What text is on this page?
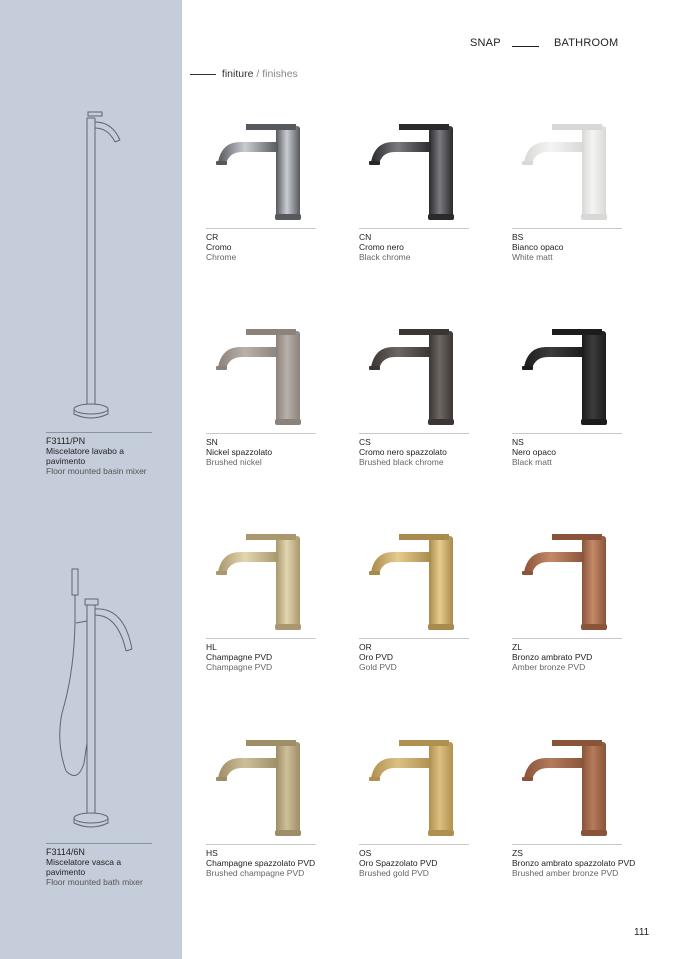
F3111/PN
Miscelatore lavabo a pavimento
Floor mounted basin mixer
F3114/6N
Miscelatore vasca a pavimento
Floor mounted bath mixer
SNAP	BATHROOM
finiture / finishes
CR
Cromo
Chrome
CN
Cromo nero
Black chrome
BS
Bianco opaco
White matt
SN
Nickel spazzolato
Brushed nickel
CS
Cromo nero spazzolato
Brushed black chrome
NS
Nero opaco
Black matt
HL
Champagne PVD
Champagne PVD
OR
Oro PVD
Gold PVD
ZL
Bronzo ambrato PVD
Amber bronze PVD
HS
Champagne spazzolato PVD
Brushed champagne PVD
OS
Oro Spazzolato PVD
Brushed gold PVD
ZS
Bronzo ambrato spazzolato PVD
Brushed amber bronze PVD
111
